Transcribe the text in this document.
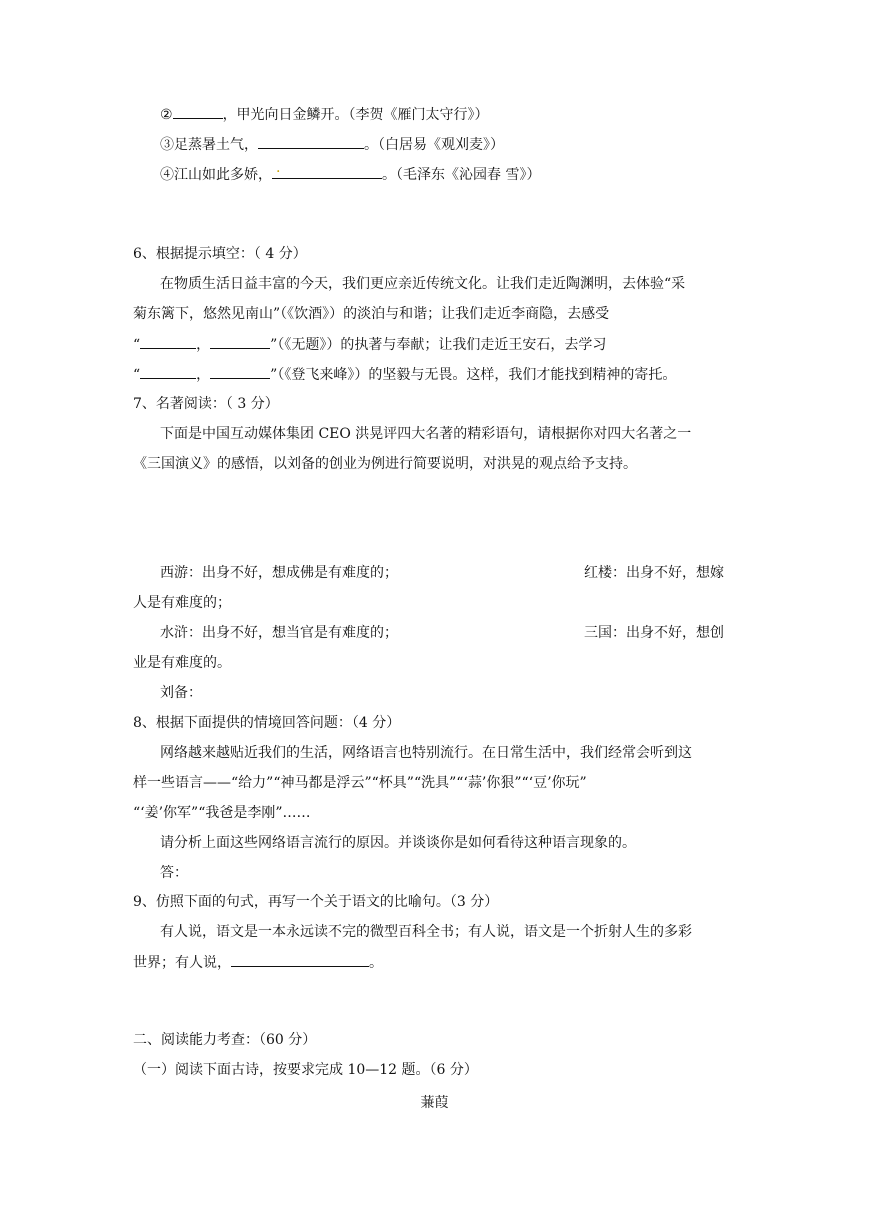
②	，甲光向日金鳞开。（李贺《雁门太守行》）
③足蒸暑土气，	。（白居易《观刈麦》）
④江山如此多娇， .	。（毛泽东《沁园春 雪》）
6、根据提示填空：（ 4 分）
在物质生活日益丰富的今天，我们更应亲近传统文化。让我们走近陶渊明，去体验“采
菊东篱下，悠然见南山”（《饮酒》）的淡泊与和谐；让我们走近李商隐，去感受
“	，	”（《无题》）的执著与奉献；让我们走近王安石，去学习
“	，	”（《登飞来峰》）的坚毅与无畏。这样，我们才能找到精神的寄托。
7、名著阅读：（ 3 分）
下面是中国互动媒体集团 CEO 洪晃评四大名著的精彩语句，请根据你对四大名著之一
《三国演义》的感悟，以刘备的创业为例进行简要说明，对洪晃的观点给予支持。
西游：出身不好，想成佛是有难度的；	红楼：出身不好，想嫁
人是有难度的；
水浒：出身不好，想当官是有难度的；	三国：出身不好，想创
业是有难度的。
刘备：
8、根据下面提供的情境回答问题：（4 分）
网络越来越贴近我们的生活，网络语言也特别流行。在日常生活中，我们经常会听到这
样一些语言——“给力”“神马都是浮云”“杯具”“洗具”“‘蒜’你狠”“‘豆’你玩”
“‘姜’你军”“我爸是李刚”……
请分析上面这些网络语言流行的原因。并谈谈你是如何看待这种语言现象的。
答：
9、仿照下面的句式，再写一个关于语文的比喻句。（3 分）
有人说，语文是一本永远读不完的微型百科全书；有人说，语文是一个折射人生的多彩
世界；有人说，	。
二、阅读能力考查：（60 分）
（一）阅读下面古诗，按要求完成 10—12 题。（6 分）
蒹葭
